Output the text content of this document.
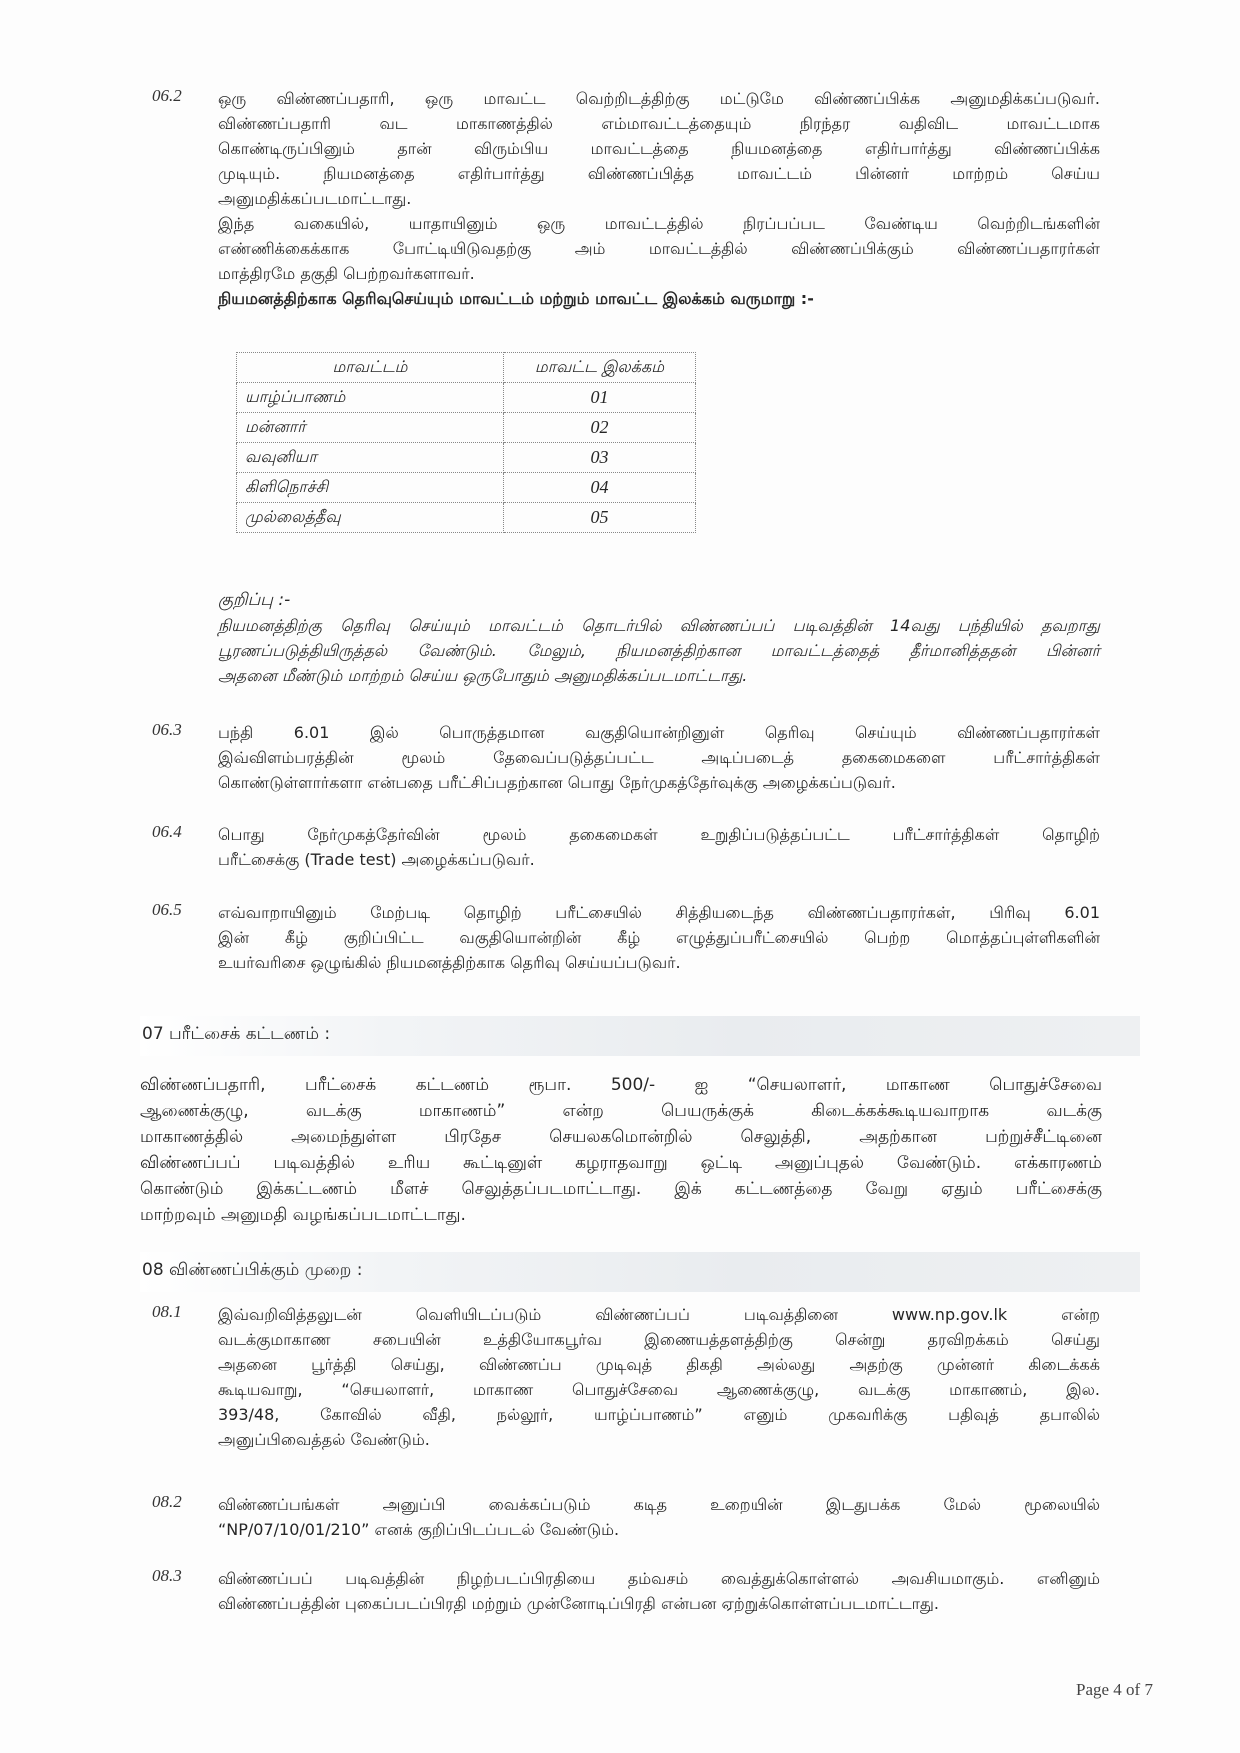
06.2	ஒரு விண்ணப்பதாரி, ஒரு மாவட்ட வெற்றிடத்திற்கு மட்டுமே விண்ணப்பிக்க அனுமதிக்கப்படுவர்.
விண்ணப்பதாரி வட மாகாணத்தில் எம்மாவட்டத்தையும் நிரந்தர வதிவிட மாவட்டமாக
கொண்டிருப்பினும் தான் விரும்பிய மாவட்டத்தை நியமனத்தை எதிர்பார்த்து விண்ணப்பிக்க
முடியும். நியமனத்தை எதிர்பார்த்து விண்ணப்பித்த மாவட்டம் பின்னர் மாற்றம் செய்ய
அனுமதிக்கப்படமாட்டாது.
இந்த வகையில், யாதாயினும் ஒரு மாவட்டத்தில் நிரப்பப்பட வேண்டிய வெற்றிடங்களின்
எண்ணிக்கைக்காக போட்டியிடுவதற்கு அம் மாவட்டத்தில் விண்ணப்பிக்கும் விண்ணப்பதாரர்கள்
மாத்திரமே தகுதி பெற்றவர்களாவர்.
நியமனத்திற்காக தெரிவுசெய்யும் மாவட்டம் மற்றும் மாவட்ட இலக்கம் வருமாறு :-
மாவட்டம்	மாவட்ட இலக்கம்
யாழ்ப்பாணம்	01
மன்னார்	02
வவுனியா	03
கிளிநொச்சி	04
முல்லைத்தீவு	05
குறிப்பு :-
நியமனத்திற்கு தெரிவு செய்யும் மாவட்டம் தொடர்பில் விண்ணப்பப் படிவத்தின் 14வது பந்தியில் தவறாது
பூரணப்படுத்தியிருத்தல் வேண்டும். மேலும், நியமனத்திற்கான மாவட்டத்தைத் தீர்மானித்ததன் பின்னர்
அதனை மீண்டும் மாற்றம் செய்ய ஒருபோதும் அனுமதிக்கப்படமாட்டாது.
06.3	பந்தி 6.01 இல் பொருத்தமான வகுதியொன்றினுள் தெரிவு செய்யும் விண்ணப்பதாரர்கள்
இவ்விளம்பரத்தின் மூலம் தேவைப்படுத்தப்பட்ட அடிப்படைத் தகைமைகளை பரீட்சார்த்திகள்
கொண்டுள்ளார்களா என்பதை பரீட்சிப்பதற்கான பொது நேர்முகத்தேர்வுக்கு அழைக்கப்படுவர்.
06.4	பொது நேர்முகத்தேர்வின் மூலம் தகைமைகள் உறுதிப்படுத்தப்பட்ட பரீட்சார்த்திகள் தொழிற்
பரீட்சைக்கு (Trade test) அழைக்கப்படுவர்.
06.5	எவ்வாறாயினும் மேற்படி தொழிற் பரீட்சையில் சித்தியடைந்த விண்ணப்பதாரர்கள், பிரிவு 6.01
இன் கீழ் குறிப்பிட்ட வகுதியொன்றின் கீழ் எழுத்துப்பரீட்சையில் பெற்ற மொத்தப்புள்ளிகளின்
உயர்வரிசை ஒழுங்கில் நியமனத்திற்காக தெரிவு செய்யப்படுவர்.
07 பரீட்சைக் கட்டணம் :
விண்ணப்பதாரி, பரீட்சைக் கட்டணம் ரூபா. 500/- ஐ “செயலாளர், மாகாண பொதுச்சேவை
ஆணைக்குழு, வடக்கு மாகாணம்” என்ற பெயருக்குக் கிடைக்கக்கூடியவாறாக வடக்கு
மாகாணத்தில் அமைந்துள்ள பிரதேச செயலகமொன்றில் செலுத்தி, அதற்கான பற்றுச்சீட்டினை
விண்ணப்பப் படிவத்தில் உரிய கூட்டினுள் கழராதவாறு ஒட்டி அனுப்புதல் வேண்டும். எக்காரணம்
கொண்டும் இக்கட்டணம் மீளச் செலுத்தப்படமாட்டாது. இக் கட்டணத்தை வேறு ஏதும் பரீட்சைக்கு
மாற்றவும் அனுமதி வழங்கப்படமாட்டாது.
08 விண்ணப்பிக்கும் முறை :
08.1	இவ்வறிவித்தலுடன் வெளியிடப்படும் விண்ணப்பப் படிவத்தினை www.np.gov.lk என்ற
வடக்குமாகாண சபையின் உத்தியோகபூர்வ இணையத்தளத்திற்கு சென்று தரவிறக்கம் செய்து
அதனை பூர்த்தி செய்து, விண்ணப்ப முடிவுத் திகதி அல்லது அதற்கு முன்னர் கிடைக்கக்
கூடியவாறு, “செயலாளர், மாகாண பொதுச்சேவை ஆணைக்குழு, வடக்கு மாகாணம், இல.
393/48, கோவில் வீதி, நல்லூர், யாழ்ப்பாணம்” எனும் முகவரிக்கு பதிவுத் தபாலில்
அனுப்பிவைத்தல் வேண்டும்.
08.2	விண்ணப்பங்கள் அனுப்பி வைக்கப்படும் கடித உறையின் இடதுபக்க மேல் மூலையில்
“NP/07/10/01/210” எனக் குறிப்பிடப்படல் வேண்டும்.
08.3	விண்ணப்பப் படிவத்தின் நிழற்படப்பிரதியை தம்வசம் வைத்துக்கொள்ளல் அவசியமாகும். எனினும்
விண்ணப்பத்தின் புகைப்படப்பிரதி மற்றும் முன்னோடிப்பிரதி என்பன ஏற்றுக்கொள்ளப்படமாட்டாது.
Page 4 of 7
